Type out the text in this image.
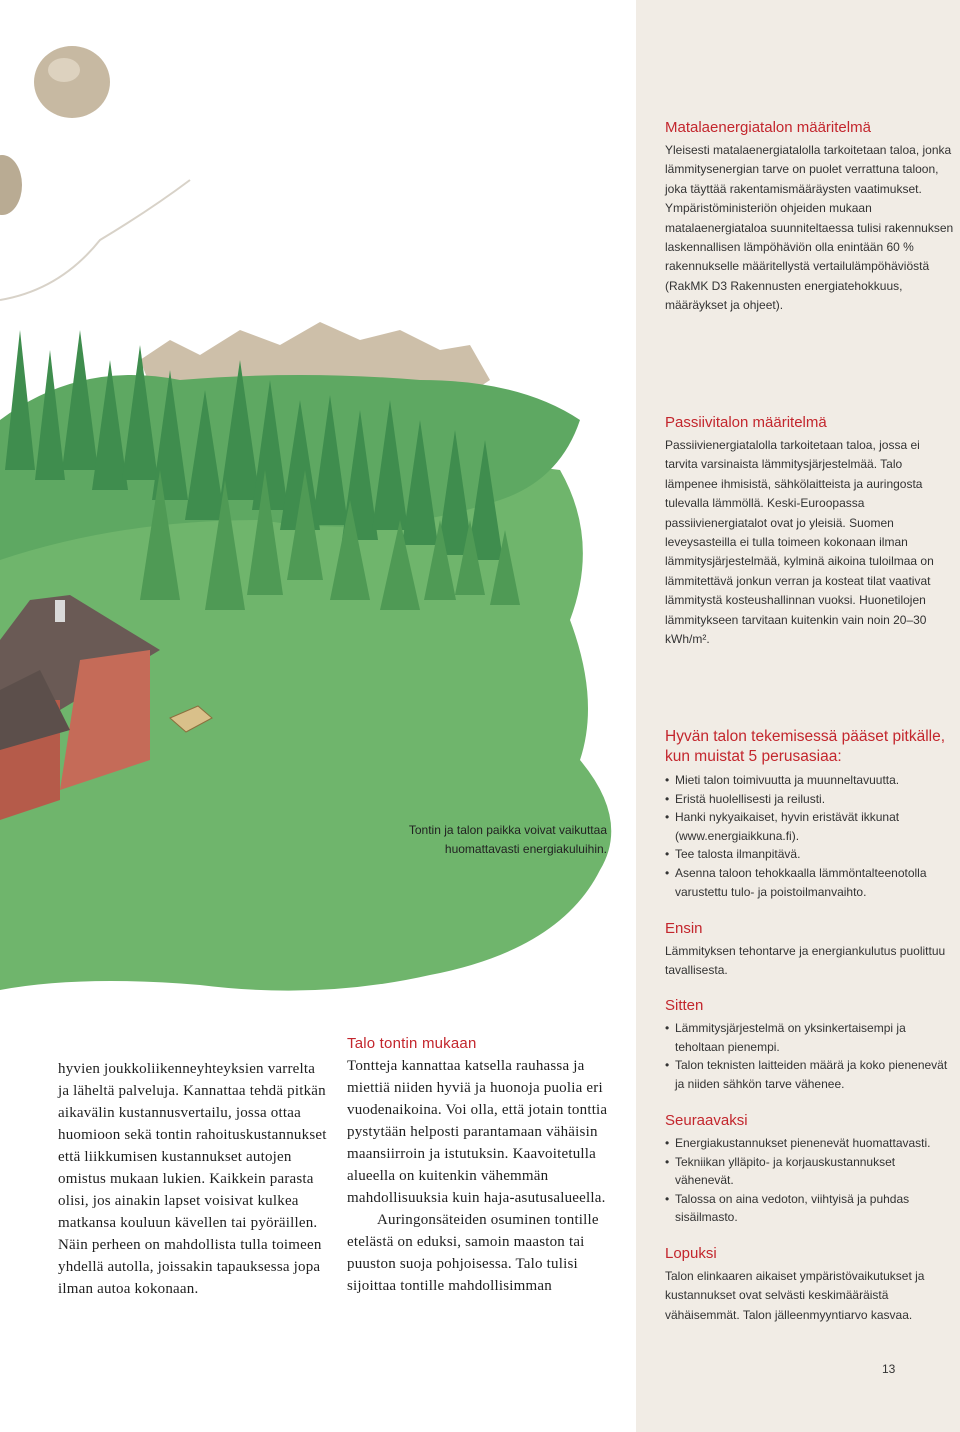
Matalaenergiatalon määritelmä

Yleisesti matalaenergiatalolla tarkoitetaan taloa, jonka lämmitysenergian tarve on puolet verrattuna taloon, joka täyttää rakentamismääräysten vaatimukset. Ympäristöministeriön ohjeiden mukaan matalaenergiataloa suunniteltaessa tulisi rakennuksen laskennallisen lämpöhäviön olla enintään 60 % rakennukselle määritellystä vertailulämpöhäviöstä (RakMK D3 Rakennusten energiatehokkuus, määräykset ja ohjeet).

Passiivitalon määritelmä

Passiivienergiatalolla tarkoitetaan taloa, jossa ei tarvita varsinaista lämmitysjärjestelmää. Talo lämpenee ihmisistä, sähkölaitteista ja auringosta tulevalla lämmöllä. Keski-Euroopassa passiivienergiatalot ovat jo yleisiä. Suomen leveysasteilla ei tulla toimeen kokonaan ilman lämmitysjärjestelmää, kylminä aikoina tuloilmaa on lämmitettävä jonkun verran ja kosteat tilat vaativat lämmitystä kosteushallinnan vuoksi. Huonetilojen lämmitykseen tarvitaan kuitenkin vain noin 20–30 kWh/m².

Hyvän talon tekemisessä pääset pitkälle, kun muistat 5 perusasiaa:
• Mieti talon toimivuutta ja muunneltavuutta.
• Eristä huolellisesti ja reilusti.
• Hanki nykyaikaiset, hyvin eristävät ikkunat (www.energiaikkuna.fi).
• Tee talosta ilmanpitävä.
• Asenna taloon tehokkaalla lämmöntalteenotolla varustettu tulo- ja poistoilmanvaihto.
Ensin

Lämmityksen tehontarve ja energiankulutus puolittuu tavallisesta.

Sitten
• Lämmitysjärjestelmä on yksinkertaisempi ja teholtaan pienempi.
• Talon teknisten laitteiden määrä ja koko pienenevät ja niiden sähkön tarve vähenee.
Seuraavaksi
• Energiakustannukset pienenevät huomattavasti.
• Tekniikan ylläpito- ja korjauskustannukset vähenevät.
• Talossa on aina vedoton, viihtyisä ja puhdas sisäilmasto.
Lopuksi

Talon elinkaaren aikaiset ympäristövaikutukset ja kustannukset ovat selvästi keskimääräistä vähäisemmät. Talon jälleenmyyntiarvo kasvaa.

Tontin ja talon paikka voivat vaikuttaa huomattavasti energiakuluihin.

hyvien joukkoliikenneyhteyksien varrelta ja läheltä palveluja. Kannattaa tehdä pitkän aikavälin kustannusvertailu, jossa ottaa huomioon sekä tontin rahoituskustannukset että liikkumisen kustannukset autojen omistus mukaan lukien. Kaikkein parasta olisi, jos ainakin lapset voisivat kulkea matkansa kouluun kävellen tai pyöräillen. Näin perheen on mahdollista tulla toimeen yhdellä autolla, joissakin tapauksessa jopa ilman autoa kokonaan.

Talo tontin mukaan
Tontteja kannattaa katsella rauhassa ja miettiä niiden hyviä ja huonoja puolia eri vuodenaikoina. Voi olla, että jotain tonttia pystytään helposti parantamaan vähäisin maansiirroin ja istutuksin. Kaavoitetulla alueella on kuitenkin vähemmän mahdollisuuksia kuin haja-asutusalueella.
Auringonsäteiden osuminen tontille etelästä on eduksi, samoin maaston tai puuston suoja pohjoisessa. Talo tulisi sijoittaa tontille mahdollisimman
13
